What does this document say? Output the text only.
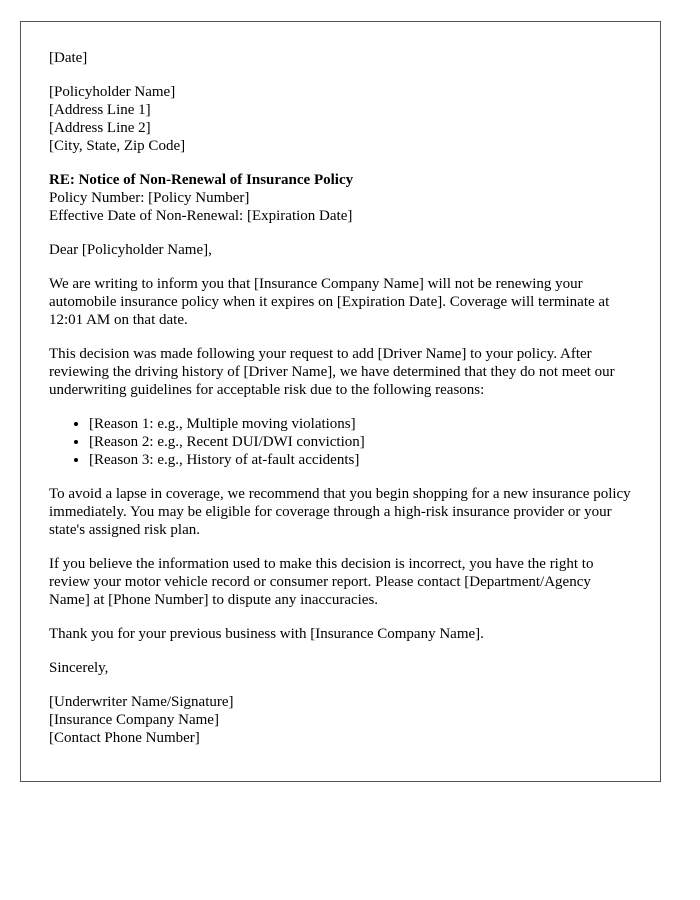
[Date]
[Policyholder Name]
[Address Line 1]
[Address Line 2]
[City, State, Zip Code]
RE: Notice of Non-Renewal of Insurance Policy
Policy Number: [Policy Number]
Effective Date of Non-Renewal: [Expiration Date]

Dear [Policyholder Name],

We are writing to inform you that [Insurance Company Name] will not be renewing your automobile insurance policy when it expires on [Expiration Date]. Coverage will terminate at 12:01 AM on that date.

This decision was made following your request to add [Driver Name] to your policy. After reviewing the driving history of [Driver Name], we have determined that they do not meet our underwriting guidelines for acceptable risk due to the following reasons:

• [Reason 1: e.g., Multiple moving violations]
• [Reason 2: e.g., Recent DUI/DWI conviction]
• [Reason 3: e.g., History of at-fault accidents]

To avoid a lapse in coverage, we recommend that you begin shopping for a new insurance policy immediately. You may be eligible for coverage through a high-risk insurance provider or your state's assigned risk plan.

If you believe the information used to make this decision is incorrect, you have the right to review your motor vehicle record or consumer report. Please contact [Department/Agency Name] at [Phone Number] to dispute any inaccuracies.

Thank you for your previous business with [Insurance Company Name].

Sincerely,

[Underwriter Name/Signature]
[Insurance Company Name]
[Contact Phone Number]
